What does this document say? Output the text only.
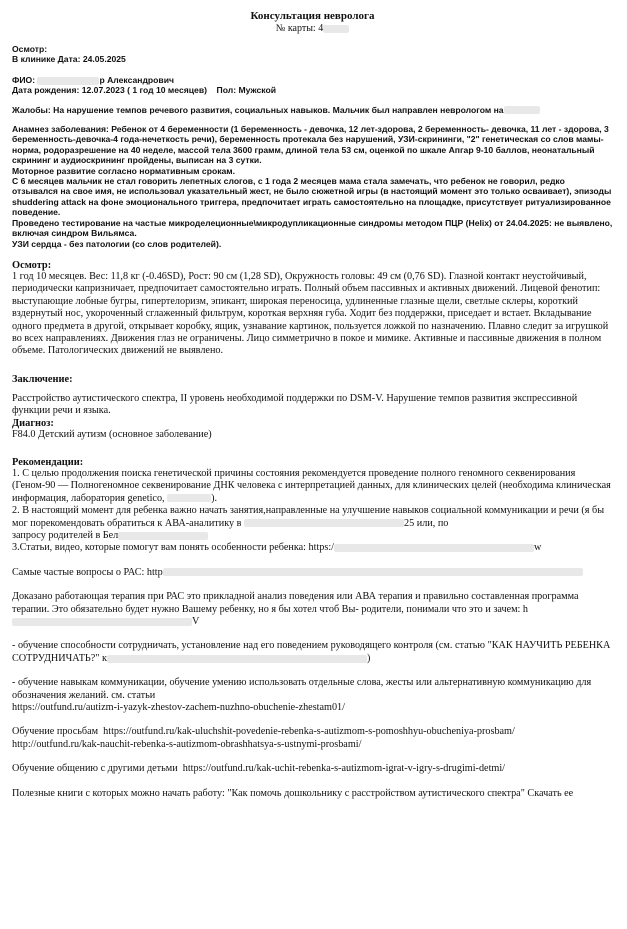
Консультация невролога
№ карты: 4
Осмотр:
В клинике Дата: 24.05.2025
ФИО:	р Александрович
Дата рождения: 12.07.2023 ( 1 год 10 месяцев) Пол: Мужской
Жалобы: На нарушение темпов речевого развития, социальных навыков. Мальчик был направлен неврологом на
Анамнез заболевания: Ребенок от 4 беременности (1 беременность - девочка, 12 лет-здорова, 2 беременность- девочка, 11 лет - здорова, 3 беременность-девочка-4 года-нечеткость речи), беременность протекала без нарушений, УЗИ-скрининги, "2" генетическая со слов мамы-норма, родоразрешение на 40 неделе, массой тела 3600 грамм, длиной тела 53 см, оценкой по шкале Апгар 9-10 баллов, неонатальный скрининг и аудиоскрининг пройдены, выписан на 3 сутки.
Моторное развитие согласно нормативным срокам.
С 6 месяцев мальчик не стал говорить лепетных слогов, с 1 года 2 месяцев мама стала замечать, что ребенок не говорил, редко отзывался на свое имя, не использовал указательный жест, не было сюжетной игры (в настоящий момент это только осваивает), эпизоды shuddering attack на фоне эмоционального триггера, предпочитает играть самостоятельно на площадке, присутствует ритуализированное поведение.
Проведено тестирование на частые микроделеционные\микродупликационные синдромы методом ПЦР (Helix) от 24.04.2025: не выявлено, включая синдром Вильямса.
УЗИ сердца - без патологии (со слов родителей).
Осмотр:
1 год 10 месяцев. Вес: 11,8 кг (-0.46SD), Рост: 90 см (1,28 SD), Окружность головы: 49 см (0,76 SD). Глазной контакт неустойчивый, периодически капризничает, предпочитает самостоятельно играть. Полный объем пассивных и активных движений. Лицевой фенотип: выступающие лобные бугры, гипертелоризм, эпикант, широкая переносица, удлиненные глазные щели, светлые склеры, короткий вздернутый нос, укороченный сглаженный фильтрум, короткая верхняя губа. Ходит без поддержки, приседает и встает. Вкладывание одного предмета в другой, открывает коробку, ящик, узнавание картинок, пользуется ложкой по назначению. Плавно следит за игрушкой во всех направлениях. Движения глаз не ограничены. Лицо симметрично в покое и мимике. Активные и пассивные движения в полном объеме. Патологических движений не выявлено.
Заключение:
Расстройство аутистического спектра, II уровень необходимой поддержки по DSM-V. Нарушение темпов развития экспрессивной функции речи и языка.
Диагноз:
F84.0 Детский аутизм (основное заболевание)
Рекомендации:
1. С целью продолжения поиска генетической причины состояния рекомендуется проведение полного геномного секвенирования (Геном-90 — Полногеномное секвенирование ДНК человека с интерпретацией данных, для клинических целей (необходима клиническая информация, лаборатория genetico,	).
2. В настоящий момент для ребенка важно начать занятия,направленные на улучшение навыков социальной коммуникации и речи (я бы мог порекомендовать обратиться к АВА-аналитику в	25 или, по
запросу родителей в Бел
3.Статьи, видео, которые помогут вам понять особенности ребенка: https:/	w
Самые частые вопросы о РАС: http
Доказано работающая терапия при РАС это прикладной анализ поведения или АВА терапия и правильно составленная программа терапии. Это обязательно будет нужно Вашему ребенку, но я бы хотел чтоб Вы- родители, понимали что это и зачем: hV
- обучение способности сотрудничать, установление над его поведением руководящего контроля (см. статью "КАК НАУЧИТЬ РЕБЕНКА СОТРУДНИЧАТЬ?" к	)
- обучение навыкам коммуникации, обучение умению использовать отдельные слова, жесты или альтернативную коммуникацию для обозначения желаний. см. статьи
https://outfund.ru/autizm-i-yazyk-zhestov-zachem-nuzhno-obuchenie-zhestam01/
Обучение просьбам https://outfund.ru/kak-uluchshit-povedenie-rebenka-s-autizmom-s-pomoshhyu-obucheniya-prosbam/
http://outfund.ru/kak-nauchit-rebenka-s-autizmom-obrashhatsya-s-ustnymi-prosbami/
Обучение общению с другими детьми https://outfund.ru/kak-uchit-rebenka-s-autizmom-igrat-v-igry-s-drugimi-detmi/
Полезные книги с которых можно начать работу: "Как помочь дошкольнику с расстройством аутистического спектра" Скачать ее
